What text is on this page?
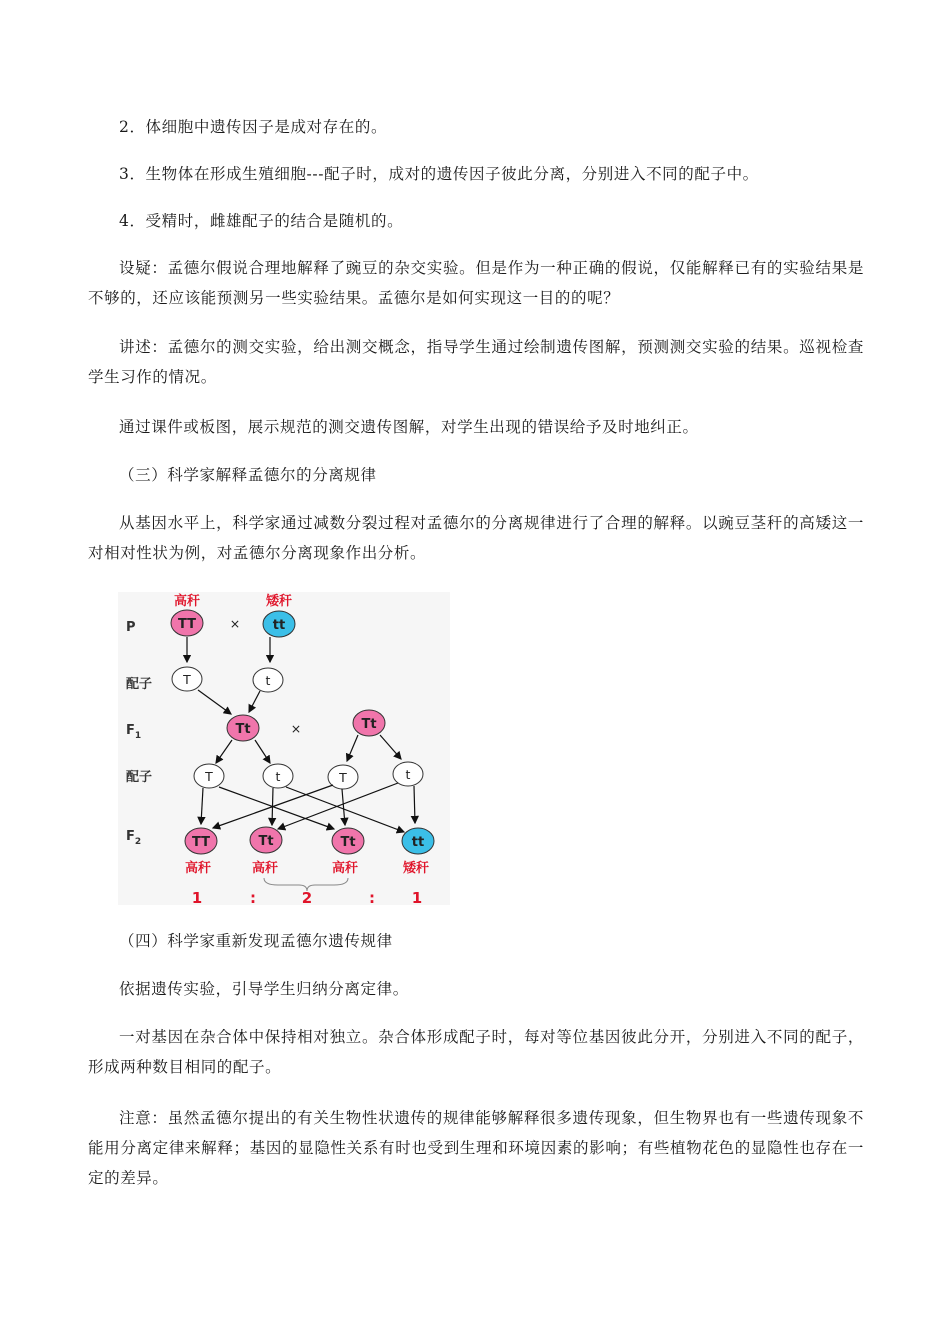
2．体细胞中遗传因子是成对存在的。

3．生物体在形成生殖细胞---配子时，成对的遗传因子彼此分离，分别进入不同的配子中。

4．受精时，雌雄配子的结合是随机的。

设疑：孟德尔假说合理地解释了豌豆的杂交实验。但是作为一种正确的假说，仅能解释已有的实验结果是不够的，还应该能预测另一些实验结果。孟德尔是如何实现这一目的的呢？

讲述：孟德尔的测交实验，给出测交概念，指导学生通过绘制遗传图解，预测测交实验的结果。巡视检查学生习作的情况。

通过课件或板图，展示规范的测交遗传图解，对学生出现的错误给予及时地纠正。

（三）科学家解释孟德尔的分离规律

从基因水平上，科学家通过减数分裂过程对孟德尔的分离规律进行了合理的解释。以豌豆茎秆的高矮这一对相对性状为例，对孟德尔分离现象作出分析。

P
配子
$F_1$
配子
$F_2$
高秆
TT	×
矮秆
tt
T	t
Tt	×	Tt
T	t	T	t
TT	Tt	Tt	tt
高秆	高秆	高秆	矮秆
1	:	2	: 1

（四）科学家重新发现孟德尔遗传规律

依据遗传实验，引导学生归纳分离定律。

一对基因在杂合体中保持相对独立。杂合体形成配子时，每对等位基因彼此分开，分别进入不同的配子，形成两种数目相同的配子。

注意：虽然孟德尔提出的有关生物性状遗传的规律能够解释很多遗传现象，但生物界也有一些遗传现象不能用分离定律来解释；基因的显隐性关系有时也受到生理和环境因素的影响；有些植物花色的显隐性也存在一定的差异。
